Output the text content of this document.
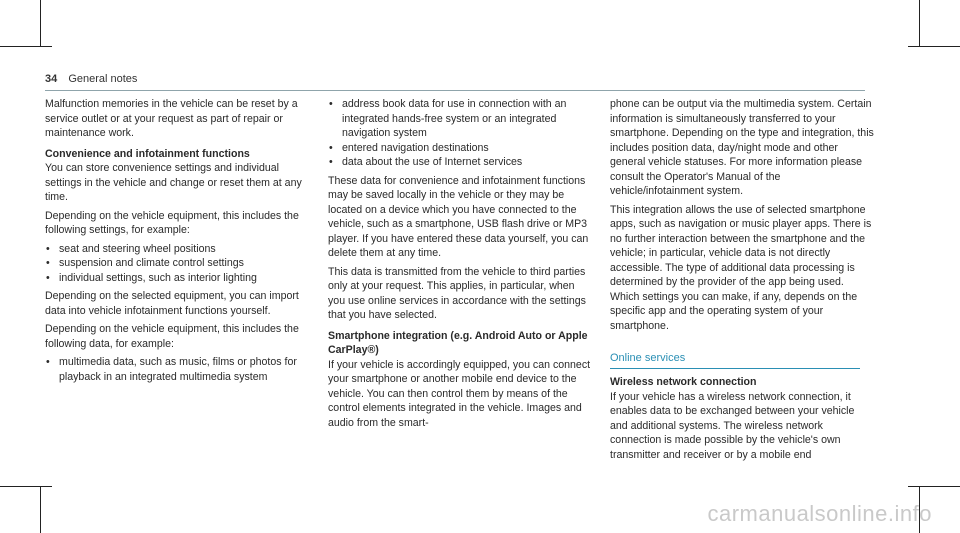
34 General notes

Malfunction memories in the vehicle can be reset by a service outlet or at your request as part of repair or maintenance work.

Convenience and infotainment functions

You can store convenience settings and individual settings in the vehicle and change or reset them at any time.

Depending on the vehicle equipment, this includes the following settings, for example:

• seat and steering wheel positions
• suspension and climate control settings
• individual settings, such as interior lighting

Depending on the selected equipment, you can import data into vehicle infotainment functions yourself.

Depending on the vehicle equipment, this includes the following data, for example:

• multimedia data, such as music, films or photos for playback in an integrated multimedia system
• address book data for use in connection with an integrated hands-free system or an integrated navigation system
• entered navigation destinations
• data about the use of Internet services

These data for convenience and infotainment functions may be saved locally in the vehicle or they may be located on a device which you have connected to the vehicle, such as a smartphone, USB flash drive or MP3 player. If you have entered these data yourself, you can delete them at any time.

This data is transmitted from the vehicle to third parties only at your request. This applies, in particular, when you use online services in accordance with the settings that you have selected.

Smartphone integration (e.g. Android Auto or Apple CarPlay®)

If your vehicle is accordingly equipped, you can connect your smartphone or another mobile end device to the vehicle. You can then control them by means of the control elements integrated in the vehicle. Images and audio from the smart-

phone can be output via the multimedia system. Certain information is simultaneously transferred to your smartphone. Depending on the type and integration, this includes position data, day/night mode and other general vehicle statuses. For more information please consult the Operator's Manual of the vehicle/infotainment system.

This integration allows the use of selected smartphone apps, such as navigation or music player apps. There is no further interaction between the smartphone and the vehicle; in particular, vehicle data is not directly accessible. The type of additional data processing is determined by the provider of the app being used. Which settings you can make, if any, depends on the specific app and the operating system of your smartphone.

Online services
Wireless network connection

If your vehicle has a wireless network connection, it enables data to be exchanged between your vehicle and additional systems. The wireless network connection is made possible by the vehicle's own transmitter and receiver or by a mobile end

carmanualsonline.info
